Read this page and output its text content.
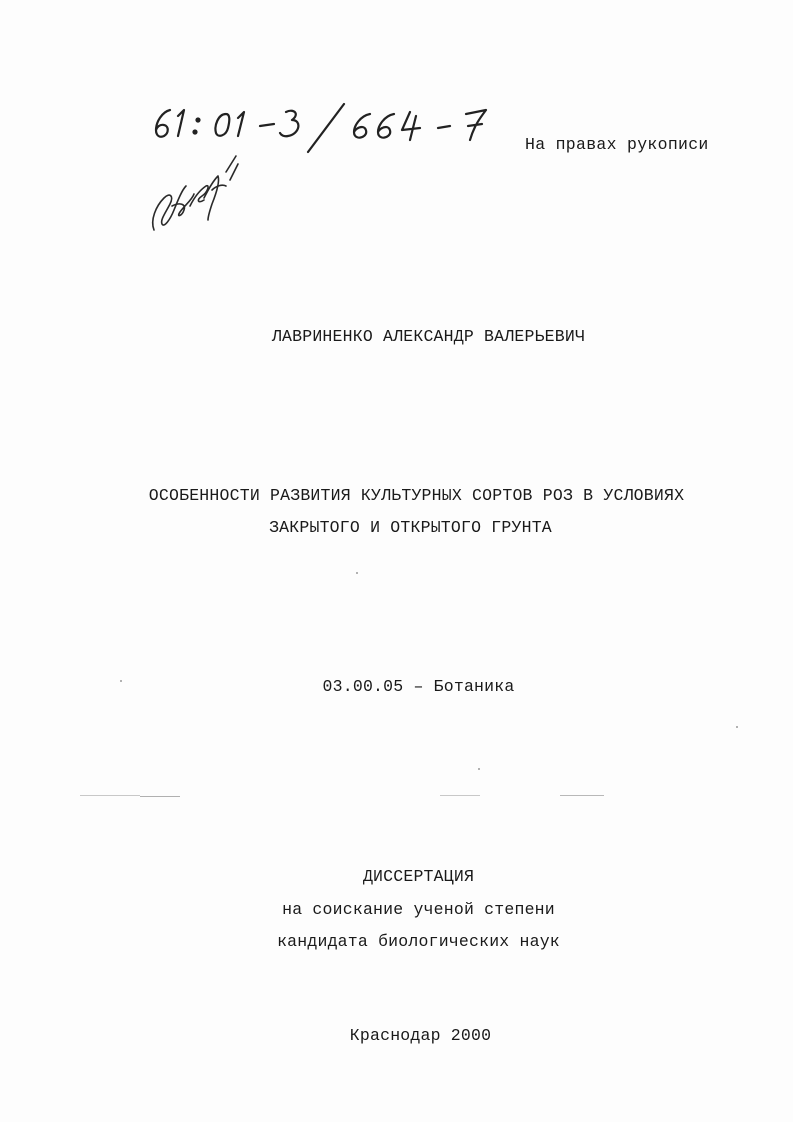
На правах рукописи
ЛАВРИНЕНКО АЛЕКСАНДР ВАЛЕРЬЕВИЧ
ОСОБЕННОСТИ РАЗВИТИЯ КУЛЬТУРНЫХ СОРТОВ РОЗ В УСЛОВИЯХ
ЗАКРЫТОГО И ОТКРЫТОГО ГРУНТА
03.00.05 – Ботаника
ДИССЕРТАЦИЯ
на соискание ученой степени
кандидата биологических наук
Краснодар 2000
